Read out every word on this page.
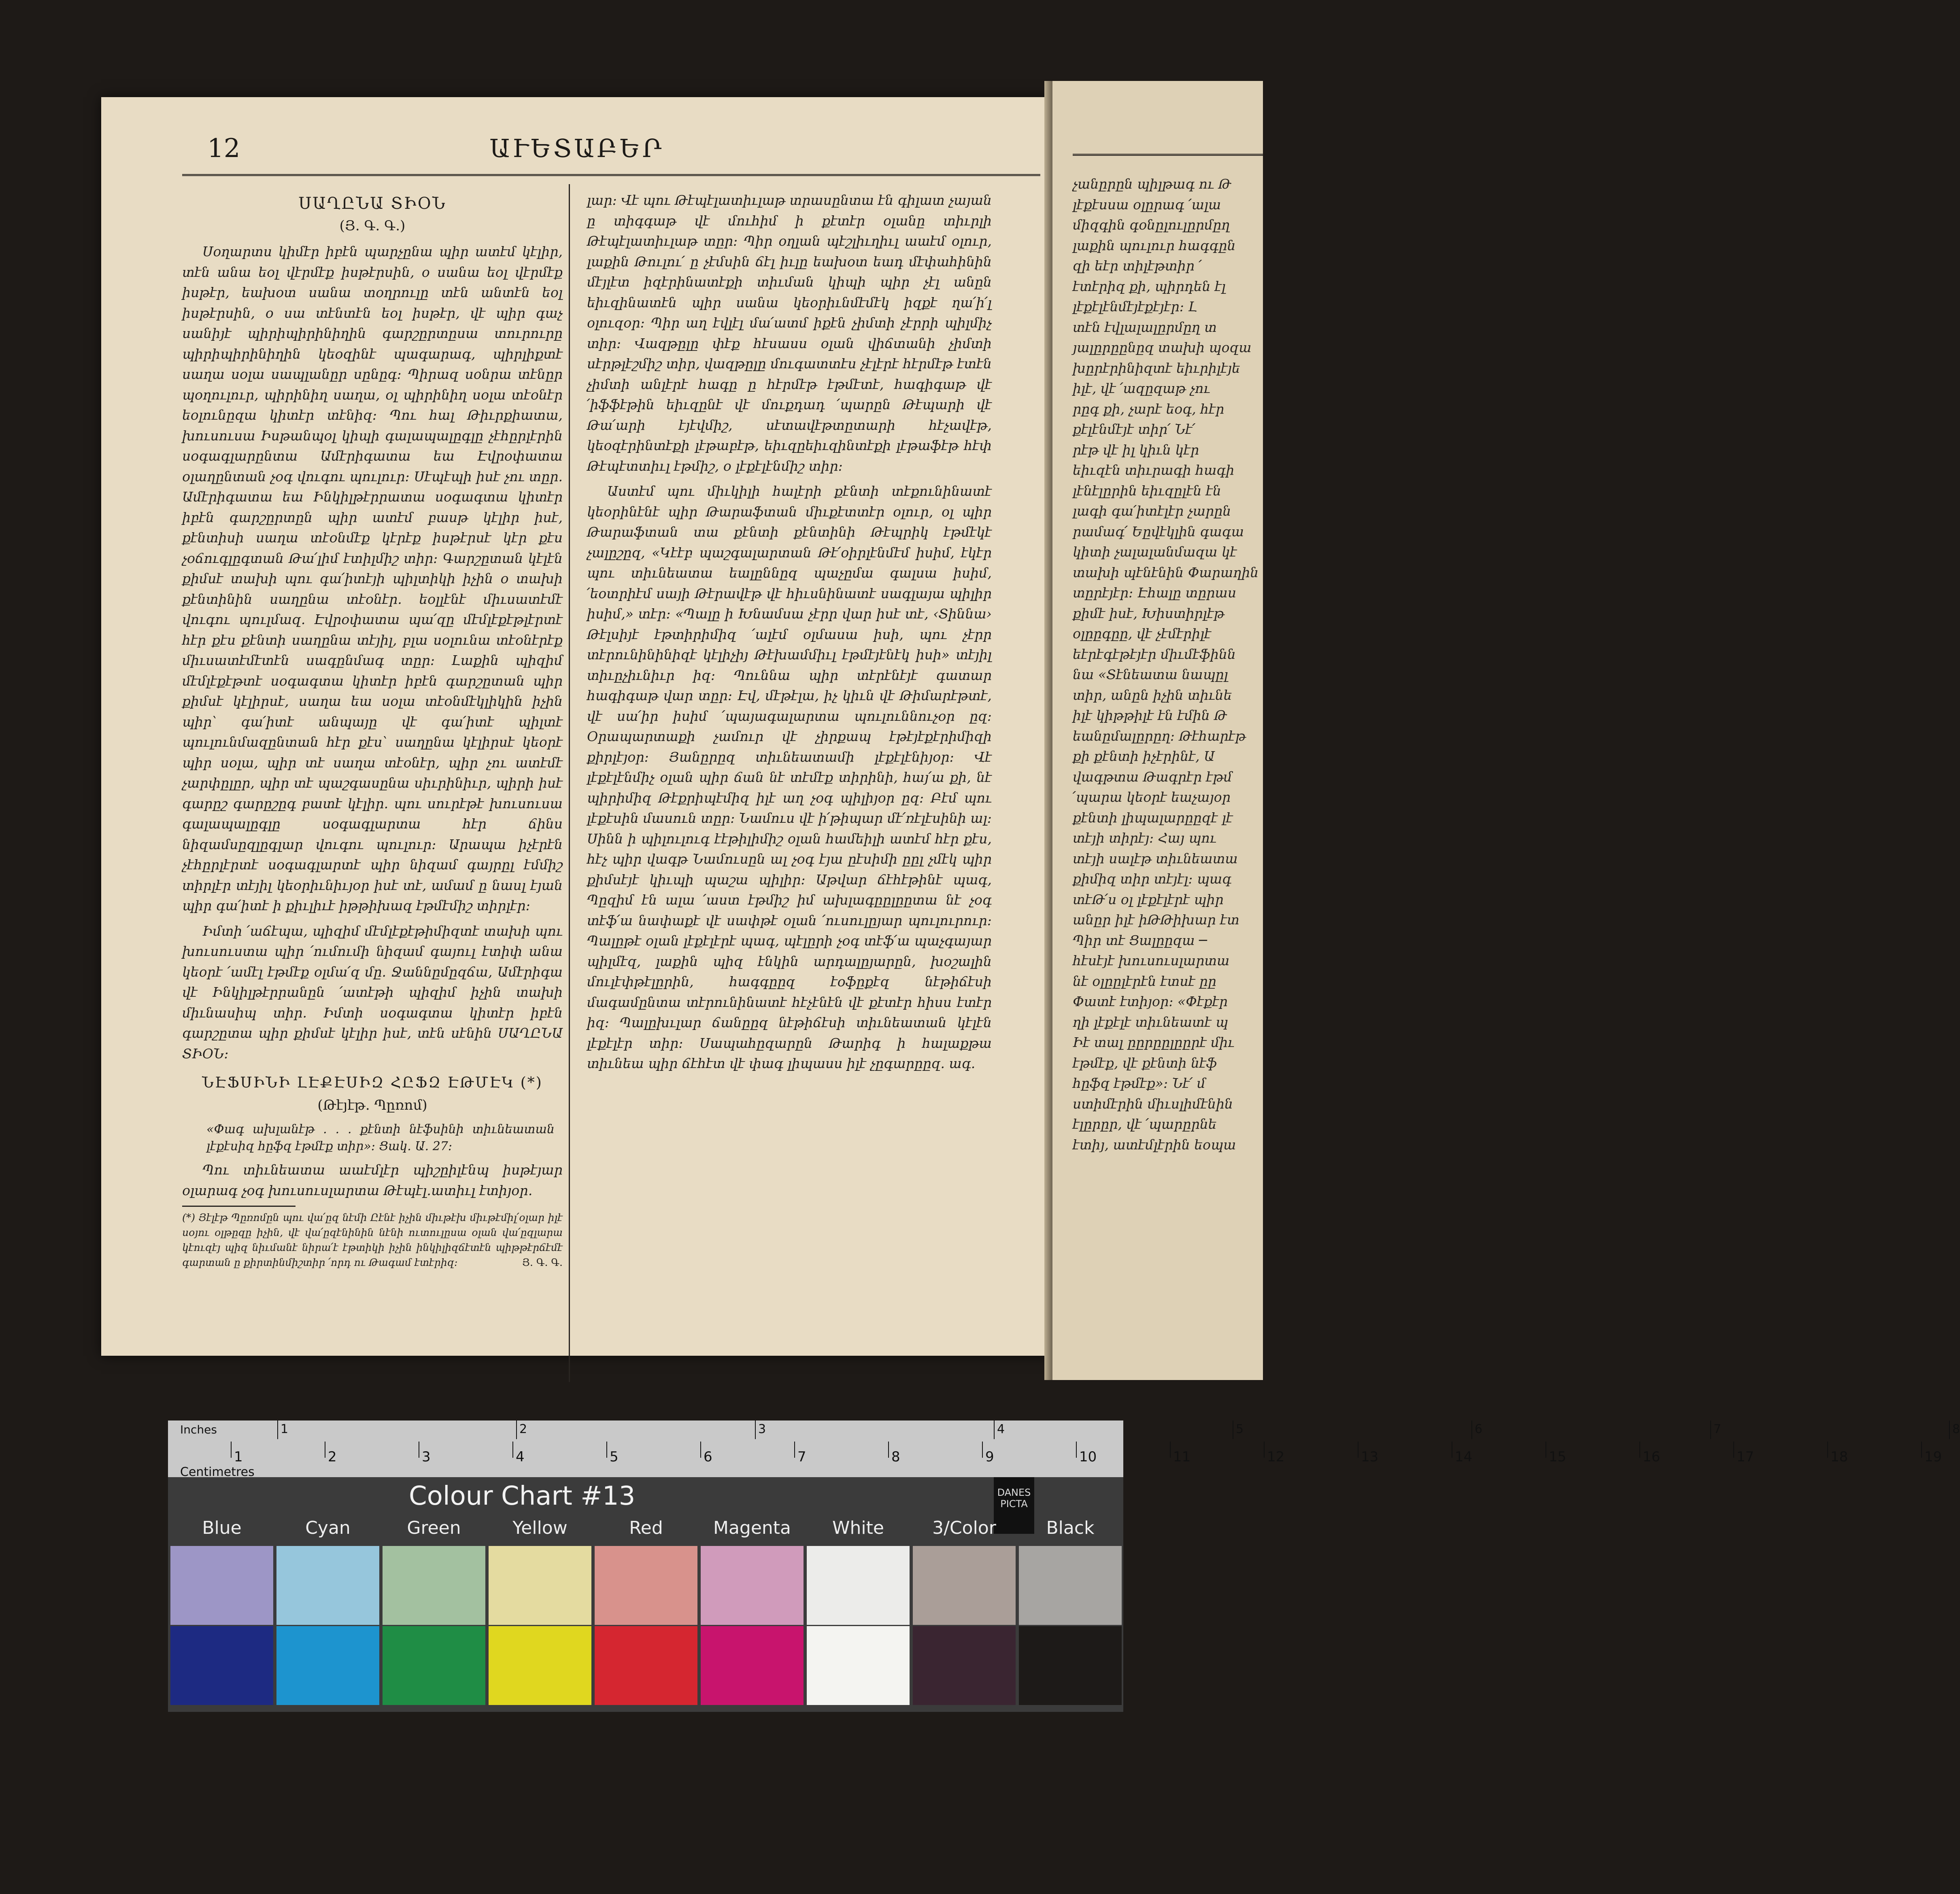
12	ԱՒԵՏԱԲԵՐ
ՍԱՂԸՆԱ ՏԻՕՆ
(Յ. Գ. Գ.)

Սօղարտս կիմէր իբէն պարչընա պիր ատէմ կէլիր, տէն անա եօլ վէրմէք իսթէրսին, օ սանա եօլ վէրմէք իսթէր, եախօտ սանա տօղրուլը տէն անտէն եօլ իսթէրսին, օ սա տէնտէն եօլ իսթէր, վէ պիր գաչ սանիյէ պիրիպիրինիղին գարշըրտըսա տուրուրը պիրիպիրինիղին կեօզինէ պագարագ, պիրլիքտէ սաղա սօլա սապլանըր սընըգ։ Պիրազ սօնրա տէնըր պօղուլուր, պիրինիղ սաղա, օլ պիրինիղ սօլա տէօնէր եօլունըզա կիտէր տէնիզ։ Պու հալ Թիւրքիատա, խուսուսա Իսթանպօլ կիպի գալապալըգլը չէհըրլէրին սօգագլարընտա Ամէրիգատա եա Էվրօփատա օլաղընտան չօգ վուգու պուլուր։ Սէպէպի իսէ չու տըր. Ամէրիգատա եա Ինկիլթէրրատա սօգագտա կիտէր իբէն գարշըրտըն պիր ատէմ բասթ կէլիր իսէ, քէնտիսի սաղա տէօնմէք կէրէք իսթէրսէ կէր քէս չօճուգլըգտան Թա՛լիմ էտիլմիշ տիր։ Գարշըտան կէլէն քիմսէ տախի պու գա՛իտէյի պիլտիկի իչին օ տախի քէնտինին սաղընա տէօնէր. եօլլէնէ միւսատէմէ վուգու պուլմազ. Էվրօփատա պա՛զը մէմլէքէթլէրտէ հէր քէս քէնտի սաղընա տէյիլ, բլա սօլունա տէօնէրէք միւսատէմէտէն սագընմագ տըր։ Լաքին պիզիմ մէմլէքէթտէ սօգագտա կիտէր իբէն գարշըտան պիր քիմսէ կէլիրսէ, սաղա եա սօլա տէօնմէկլիկին իչին պիր՝ գա՛իտէ անպայը վէ գա՛իտէ պիլտէ պուլունմազընտան հէր քէս՝ սաղընա կէլիրսէ կեօրէ պիր սօլա, պիր տէ սաղա տէօնէր, պիր չու ատէմէ չարփըլըր, պիր տէ պաշգասընա սիւրինիւր, պիրի իսէ գարըշ գարըշըգ բատէ կէլիր. պու սուրէթէ խուսուսա գալապալըգլը սօգագլարտա հէր ճինս նիզամսըզլըգլար վուգու պուլուր։ Արապա իչէրէն չէհըրլէրտէ սօգագլարտէ պիր նիզամ գայրըլ էմմիշ տիրլէր տէյիլ կեօրիւնիւյօր իսէ տէ, ամամ ը նասլ էյան պիր գա՛իտէ ի քիւլիւէ իթթիխազ էթմէմիշ տիրլէր։

Իմտի ՛աճէպա, պիզիմ մէմլէքէթիմիզտէ տախի պու խուսուստա պիր ՛ումումի նիզամ գայուլ էտիփ անա կեօրէ ՛ամէլ էթմէք օլմա՛զ մը. Ջաննըմըզճա, Ամէրիգա վէ Ինկիլթէրրանըն ՛ատէթի պիզիմ իչին տախի միւնասիպ տիր. Իմտի սօգագտա կիտէր իբէն գարշըտա պիր քիմսէ կէլիր իսէ, տէն սէնին ՍԱՂԸՆԱ ՏԻՕՆ։

ՆԷՖՍԻՆԻ ԼԷՔԷՍԻԶ ՀԸՖԶ ԷԹՄԷԿ (*)
(Թէյէթ․ Պըռոմ)
«Փագ ախլանէթ . . . քէնտի նէֆսինի տիւնեատան լէքէսիզ հըֆզ էթմէք տիր»։ Ցակ. Ա. 27։

Պու տիւնեատա աաէմլէր պիշըիլէնպ իսթէյար օլարագ չօգ խուսուսլարտա Թէպէլ․ատիւլ էտիյօր․

(*) Յէլէթ Պըռոմըն պու վա՛ըզ նէմի Ըէնէ իչին միւթէխ միւթէմիլ՛օլար իլէ սօյու օլթըզը իչին, վէ վա՛ըզէնինին նէնի ուտուլըսա օլան վա՛ըզլարա կէուզէյ պիզ նիւմանէ նիրա՛է էթտիկի իչին ինկիլիզճէտէն պիթթէրճէմէ գարտան ը քիրտինմիշտիր ՛որդ ու Թագամ էտէրիզ։	Յ. Գ. Գ.

լար։ Վէ պու Թէպէլատիւլաթ տրասընտա էն գիլատ չայան ը տիգգաթ վէ մուհիմ ի քէտէր օլանը տիւրլի Թէպէլատիւլաթ տըր։ Պիր օղլան պէշլիւղիւլ աաէմ օլուր, լաքին Թուլու՛ ը չէմսին ճէլ իւլը եախօտ եադ մէփահինին մէյլէտ իզէրինատէքի տիւման կիպի պիր չէլ անըն եիւզինատէն պիր սանա կեօրիւնմէմէկ իզքէ ղա՛ի՛լ օլուզօր։ Պիր աղ էվլէլ մա՛ատմ իքէն չիմտի չէրրի պիլմիչ տիր։ Վազթըլը փէք հէսասս օլան վիճտանի չիմտի սէրթլէշմիշ տիր, վազթըլը մուգատտէս չէլէրէ հէրմէթ էտէն չիմտի անլէրէ հագը ը հէրմէթ էթմէտէ, հագիգաթ վէ ՛իֆֆէթին եիւզընէ վէ մուքդադ ՛պարըն Թէպարի վէ Թա՛արի էյէվմիշ, սէտավէթտըտարի հէչավէթ, կեօզէրինտէքի լէթաբէթ, եիւզըեիւզինտէքի լէթաֆէթ հէփ Թէպէտտիւլ էթմիշ, օ լէքէլէնմիշ տիր։

Աստէմ պու միւկիլի հալէրի քէնտի տէքունինատէ կեօրինէնէ պիր Թարաֆտան միւքէտտէր օլուր, օլ պիր Թարաֆտան տա քէնտի քէնտինի Թէպրիկ էթմէկէ չալըշըզ, «Կէէբ պաշգալարտան Թէ՛օիրլէնմէմ իսիմ, էկէր պու տիւնեատա եալըննըզ պաչըմա գալսա իսիմ, ՛եօտրիէմ սայի Թէրավէթ վէ հիւսնինատէ սագլայա պիլիր իսիմ,» տէր։ «Պալը ի Խնամսա չէրր վար իսէ տէ, ‹Տիննա› Թէլսիյէ էթտիրիմիզ ՛ալէմ օլմասա իսի, պու չէրր տէրունինինիզէ կէլիչիյ Թէխամմիւլ էթմէյէնէկ իսի» տէյիլ տիւըչիւնիւր իզ։ Պուննա պիր տէրէնէյէ գատար հագիգաթ վար տըր։ Էվ, մէթէլա, իչ կիւն վէ Թիմարէթտէ, վէ սա՛իր իսիմ ՛պայագալարտա պուլուննուչօր ըզ։ Օրապարտաքի չամուր վէ չիրքապ էթէյէքէրիմիզի քիրլէյօր։ Յանըրըզ տիւնեատամի լէքէլէնիյօր։ Վէ լէքէլէնմիչ օլան պիր ճան նէ տէմէք տիրինի, հայ՛ա քի, նէ պիրիմիզ Թէքրիպէմիզ իլէ աղ չօգ պիլիյօր ըզ։ Բէմ պու լէքէսին մասուն տըր։ Նամուս վէ ի՛թիպար մէ՛ռէլէսինի ալ։ Սինն ի պիլուլուգ էէթիլիմիշ օլան համեիլի ատէմ հէր քէս, հէչ պիր վագթ Նամուսըն ալ չօգ էյա ըէսիմի ըըլ չմէկ պիր քիմսէյէ կիւպի պաշա պիլիր։ Աթվար ճէհէթինէ պագ, Պըզիմ էն ալա ՛աստ էթմիշ իմ ախլագըըլըըտա նէ չօգ տէֆ՛ա նափաքէ վէ սափթէ օլան ՛ուսուլըյար պուլուրուր։ Պալըթէ օլան լէքէլէրէ պագ, պէլըրի չօգ տէֆ՛ա պաչգայար պիլմէզ, լաքին պիզ էնկին արդալըյարըն, խօշալին մուլէփթէլըրին, հագգըըզ էօֆըքէզ նէթիճէսի մագամընտա տէրունինատէ հէչէնէն վէ քէտէր հիսս էտէր իզ։ Պալըխւլար ճանըըզ նէթիճէսի տիւնեատան կէլէն լէքէլէր տիր։ Սապահըզարըն Թարիգ ի հալաքթա տիւնեա պիր ճէհէտ վէ փագ լիպասս իլէ չըգարըըզ. ագ.

չանըրըն պիլթագ ու Թ
լէքէսսա օլըրագ ՛ալա
միզգին գօնըլուլըրմըղ
լաքին պուլուր հագգըն
զի եէր տիլէթտիր ՛
էտէրիզ քի, պիրդեն էլ
լէքէլէնմէյէքէյէր։ Լ
տէն էվլալալըրմըղ տ
յալըրըընըզ տախի պօզա
խըրէրինիզտէ եիւրիլէյե
իլէ, վէ ՛ազըզաթ չու
րըգ քի, չարէ եօգ, հէր
քէլէնմէյէ տիր՛ Նէ՛
րէթ վէ իլ կիւն կէր
եիւզէն տիւրագի հագի
լէնէլըրին եիւզըլէն էն
լագի գա՛իտէլէր չարըն
րամագ՛ Եըվէկլին գագա
կիտի չալալանմազա կէ
տախի պէնէնին Փարաղին
տըրէյէր։ Էհալը տըրաս
քիմէ իսէ, Խիստիրլէթ
օլըըգըը, վէ չէմէրիլէ
եէրէգէթէյէր միւմէֆինն
նա «Տէնեատա նապըլ
տիր, անըն իչին տիւնե
իլէ կիթթիլէ էն էմին Թ
եանըմալըրըղ։ Թէհարէթ
քի քէնտի իչէրինէ, Ա
վագթտա Թագրէր էթմ
՛պարա կեօրէ եաչայօր
քէնտի լիպալարըըզէ լէ
տէյի տիրէյ։ Հայ պու
տէյի սալէթ տիւնեատա
քիմիզ տիր տէյէլ։ պագ
տէԹ՛ս օլ լէքէլէրէ պիր
անըր իլէ իԹԹիխար էտ
Պիր տէ Ցալըըզա ─
հէսէյէ խուսուսլարտա
նէ օլըըլէրէն էտսէ ըը
Փատէ էտիյօր։ «Փէքէր
ղի լէքէլէ տիւնեատէ պ
Իէ տալ ըըրըըլըըրէ միւ
էթմէք, վէ քէնտի նէֆ
հըֆզ էթմէք»։ Նէ՛ մ
ստիմէրին միւսլիմէնին
էլըրըր, վէ ՛պարըրնե
էտիյ, ատէմլէրին եօպա
Inches
Centimetres
1	2	3	4	5	6	7	8
1	2	3	4	5	6	7	8	9	10	11	12	13	14	15	16	17	18	19
Colour Chart #13	DANES PICTA
Blue	Cyan	Green	Yellow	Red	Magenta	White	3/Color	Black
